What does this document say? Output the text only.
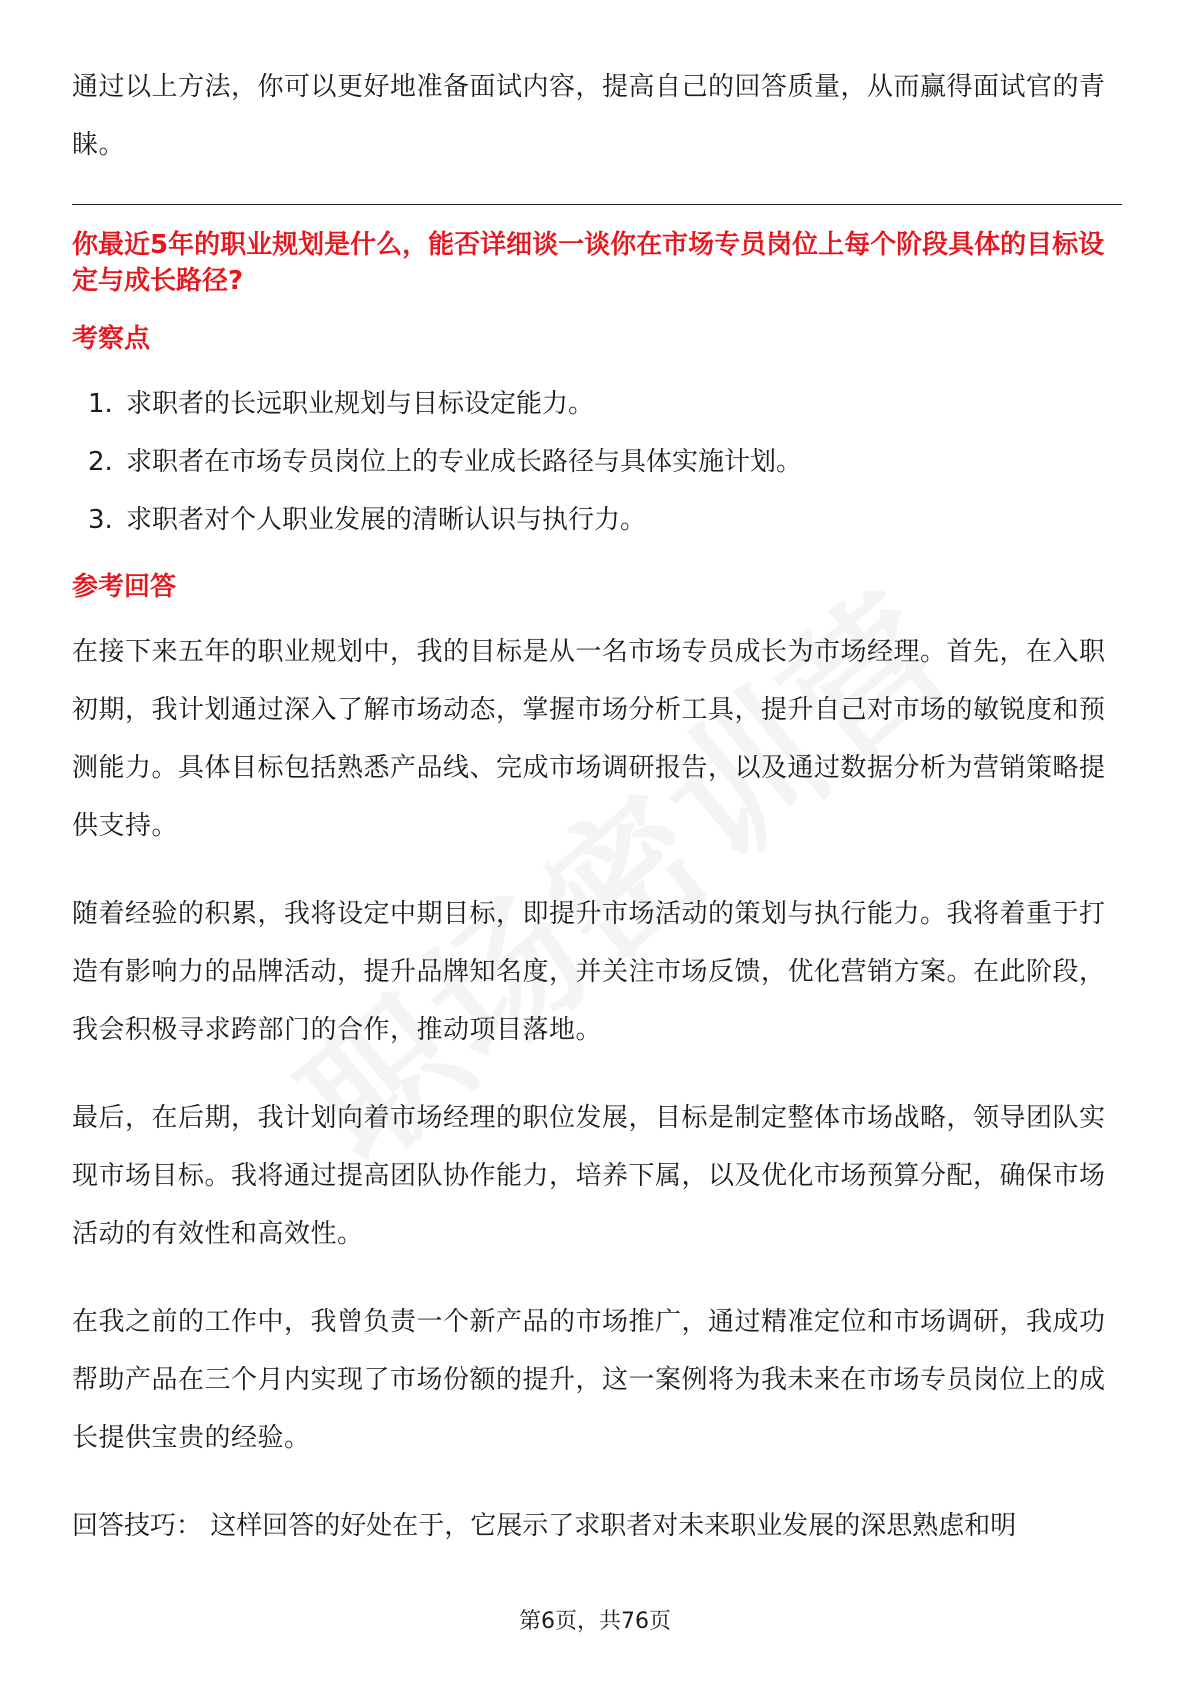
通过以上方法，你可以更好地准备面试内容，提高自己的回答质量，从而赢得面试官的青睐。

你最近5年的职业规划是什么，能否详细谈一谈你在市场专员岗位上每个阶段具体的目标设定与成长路径?
考察点
1. 求职者的长远职业规划与目标设定能力。
2. 求职者在市场专员岗位上的专业成长路径与具体实施计划。
3. 求职者对个人职业发展的清晰认识与执行力。
参考回答

在接下来五年的职业规划中，我的目标是从一名市场专员成长为市场经理。首先，在入职初期，我计划通过深入了解市场动态，掌握市场分析工具，提升自己对市场的敏锐度和预测能力。具体目标包括熟悉产品线、完成市场调研报告，以及通过数据分析为营销策略提供支持。

随着经验的积累，我将设定中期目标，即提升市场活动的策划与执行能力。我将着重于打造有影响力的品牌活动，提升品牌知名度，并关注市场反馈，优化营销方案。在此阶段，我会积极寻求跨部门的合作，推动项目落地。

最后，在后期，我计划向着市场经理的职位发展，目标是制定整体市场战略，领导团队实现市场目标。我将通过提高团队协作能力，培养下属，以及优化市场预算分配，确保市场活动的有效性和高效性。

在我之前的工作中，我曾负责一个新产品的市场推广，通过精准定位和市场调研，我成功帮助产品在三个月内实现了市场份额的提升，这一案例将为我未来在市场专员岗位上的成长提供宝贵的经验。

回答技巧： 这样回答的好处在于，它展示了求职者对未来职业发展的深思熟虑和明

第6页，共76页
